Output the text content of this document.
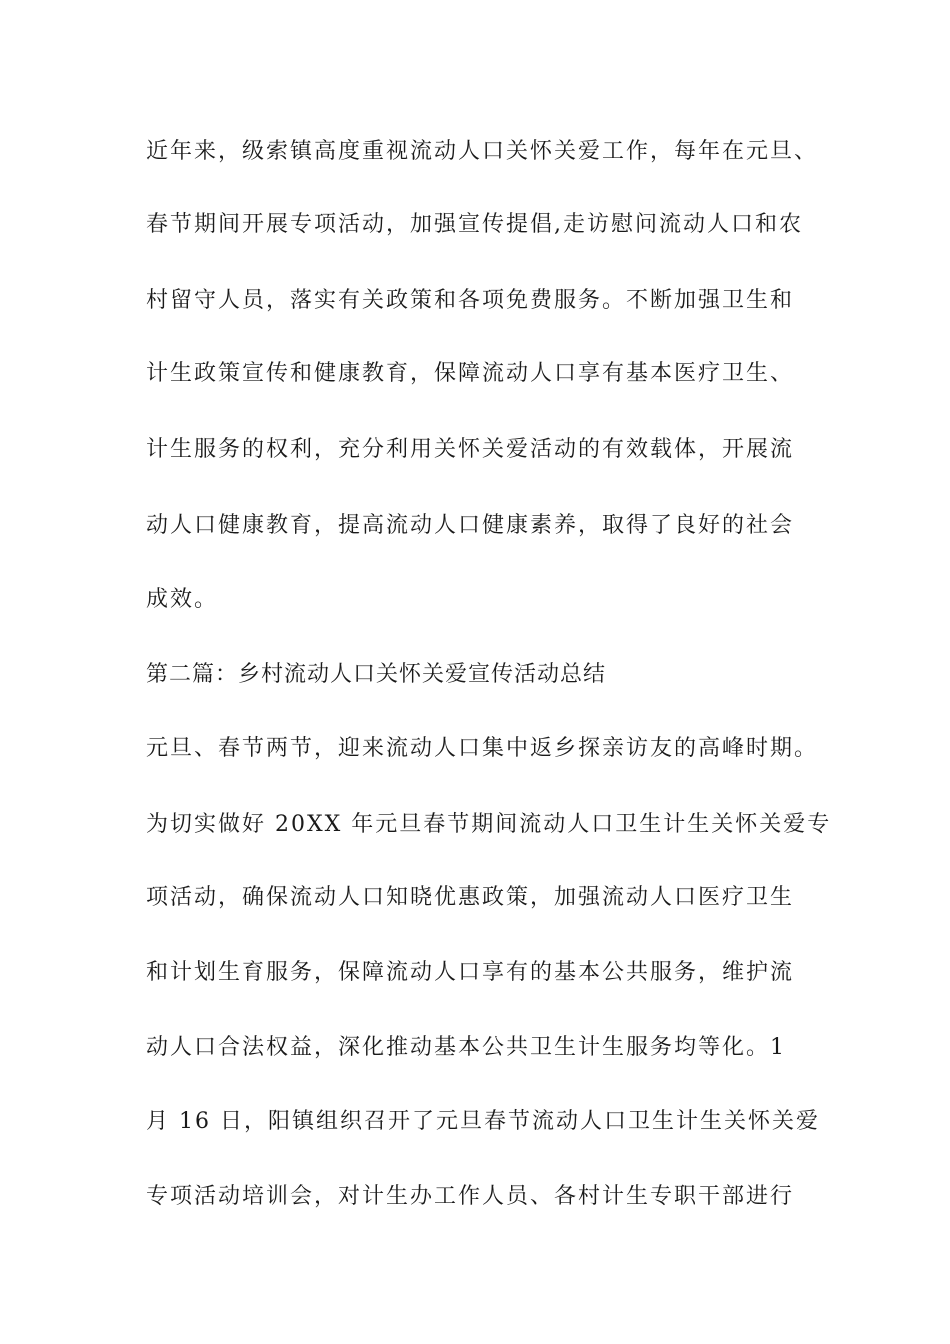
近年来，级索镇高度重视流动人口关怀关爱工作，每年在元旦、
春节期间开展专项活动，加强宣传提倡,走访慰问流动人口和农
村留守人员，落实有关政策和各项免费服务。不断加强卫生和
计生政策宣传和健康教育，保障流动人口享有基本医疗卫生、
计生服务的权利，充分利用关怀关爱活动的有效载体，开展流
动人口健康教育，提高流动人口健康素养，取得了良好的社会
成效。
第二篇：乡村流动人口关怀关爱宣传活动总结
元旦、春节两节，迎来流动人口集中返乡探亲访友的高峰时期。
为切实做好 20XX 年元旦春节期间流动人口卫生计生关怀关爱专
项活动，确保流动人口知晓优惠政策，加强流动人口医疗卫生
和计划生育服务，保障流动人口享有的基本公共服务，维护流
动人口合法权益，深化推动基本公共卫生计生服务均等化。1
月 16 日，阳镇组织召开了元旦春节流动人口卫生计生关怀关爱
专项活动培训会，对计生办工作人员、各村计生专职干部进行
